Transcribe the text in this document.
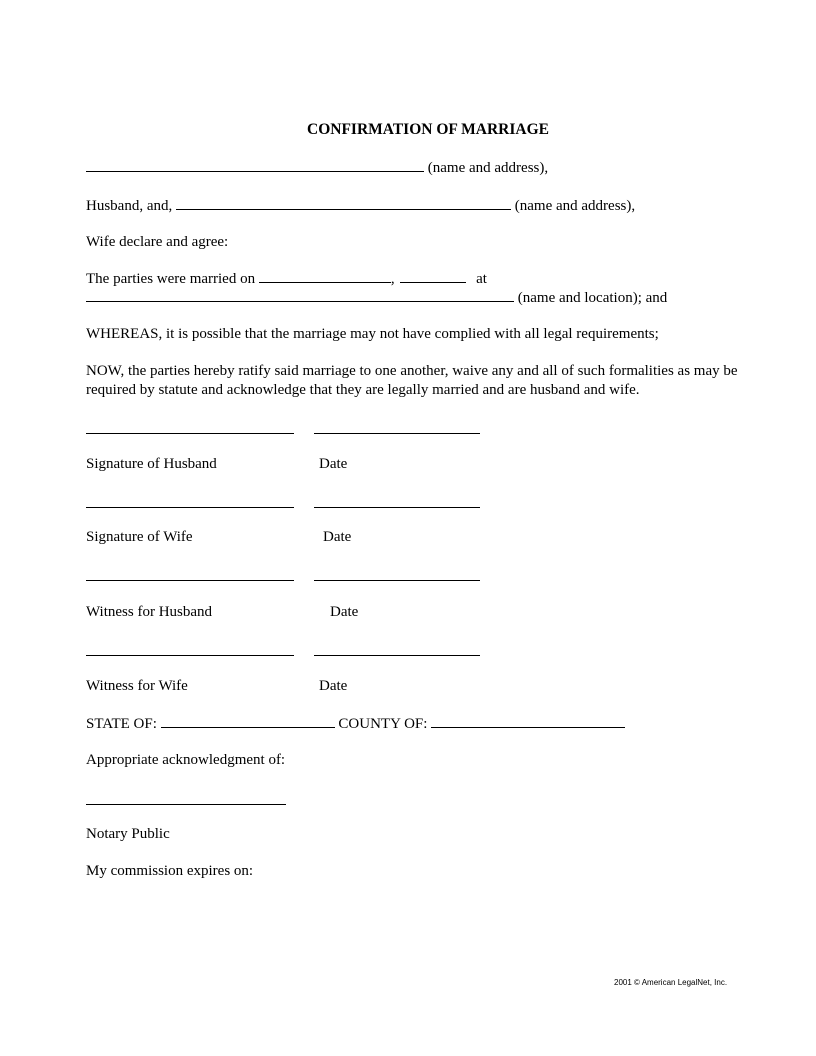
CONFIRMATION OF MARRIAGE
(name and address),
Husband, and,	(name and address),
Wife declare and agree:
The parties were married on	,	at
(name and location); and
WHEREAS, it is possible that the marriage may not have complied with all legal requirements;
NOW, the parties hereby ratify said marriage to one another, waive any and all of such formalities as may be required by statute and acknowledge that they are legally married and are husband and wife.
Signature of Husband	Date
Signature of Wife	Date
Witness for Husband	Date
Witness for Wife	Date
STATE OF:	COUNTY OF:
Appropriate acknowledgment of:
Notary Public
My commission expires on:
2001 © American LegalNet, Inc.
